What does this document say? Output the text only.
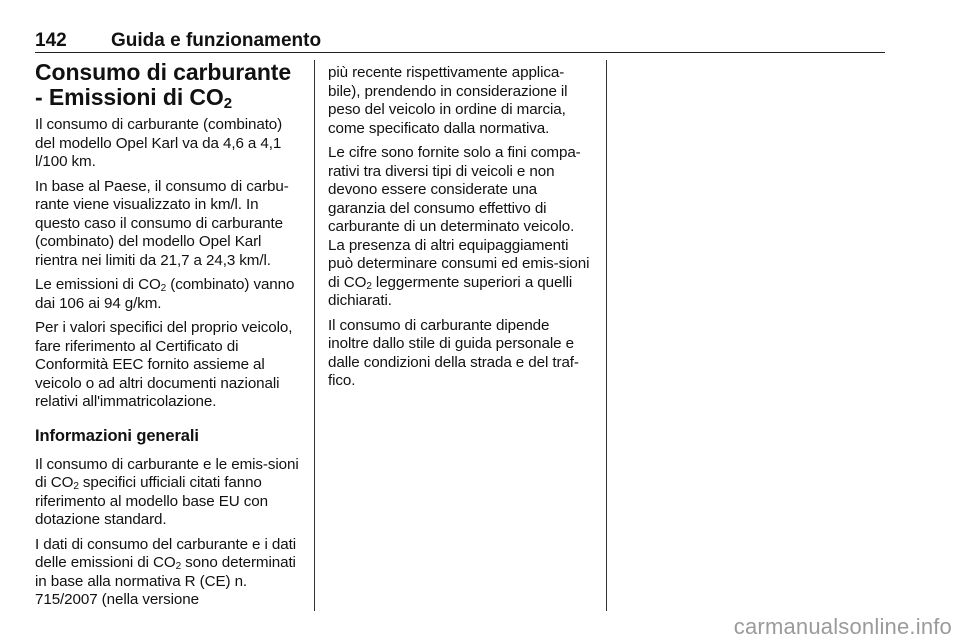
142 Guida e funzionamento
Consumo di carburante - Emissioni di $CO_2$

Il consumo di carburante (combinato) del modello Opel Karl va da 4,6 a 4,1 l/100 km.

In base al Paese, il consumo di carbu-rante viene visualizzato in km/l. In questo caso il consumo di carburante (combinato) del modello Opel Karl rientra nei limiti da 21,7 a 24,3 km/l.

Le emissioni di $CO_2$ (combinato) vanno dai 106 ai 94 g/km.

Per i valori specifici del proprio veicolo, fare riferimento al Certificato di Conformità EEC fornito assieme al veicolo o ad altri documenti nazionali relativi all'immatricolazione.

Informazioni generali

Il consumo di carburante e le emis-sioni di $CO_2$ specifici ufficiali citati fanno riferimento al modello base EU con dotazione standard.

I dati di consumo del carburante e i dati delle emissioni di $CO_2$ sono determinati in base alla normativa R (CE) n. 715/2007 (nella versione

più recente rispettivamente applica-bile), prendendo in considerazione il peso del veicolo in ordine di marcia, come specificato dalla normativa.

Le cifre sono fornite solo a fini compa-rativi tra diversi tipi di veicoli e non devono essere considerate una garanzia del consumo effettivo di carburante di un determinato veicolo. La presenza di altri equipaggiamenti può determinare consumi ed emis-sioni di $CO_2$ leggermente superiori a quelli dichiarati.

Il consumo di carburante dipende inoltre dallo stile di guida personale e dalle condizioni della strada e del traf-fico.

carmanualsonline.info
